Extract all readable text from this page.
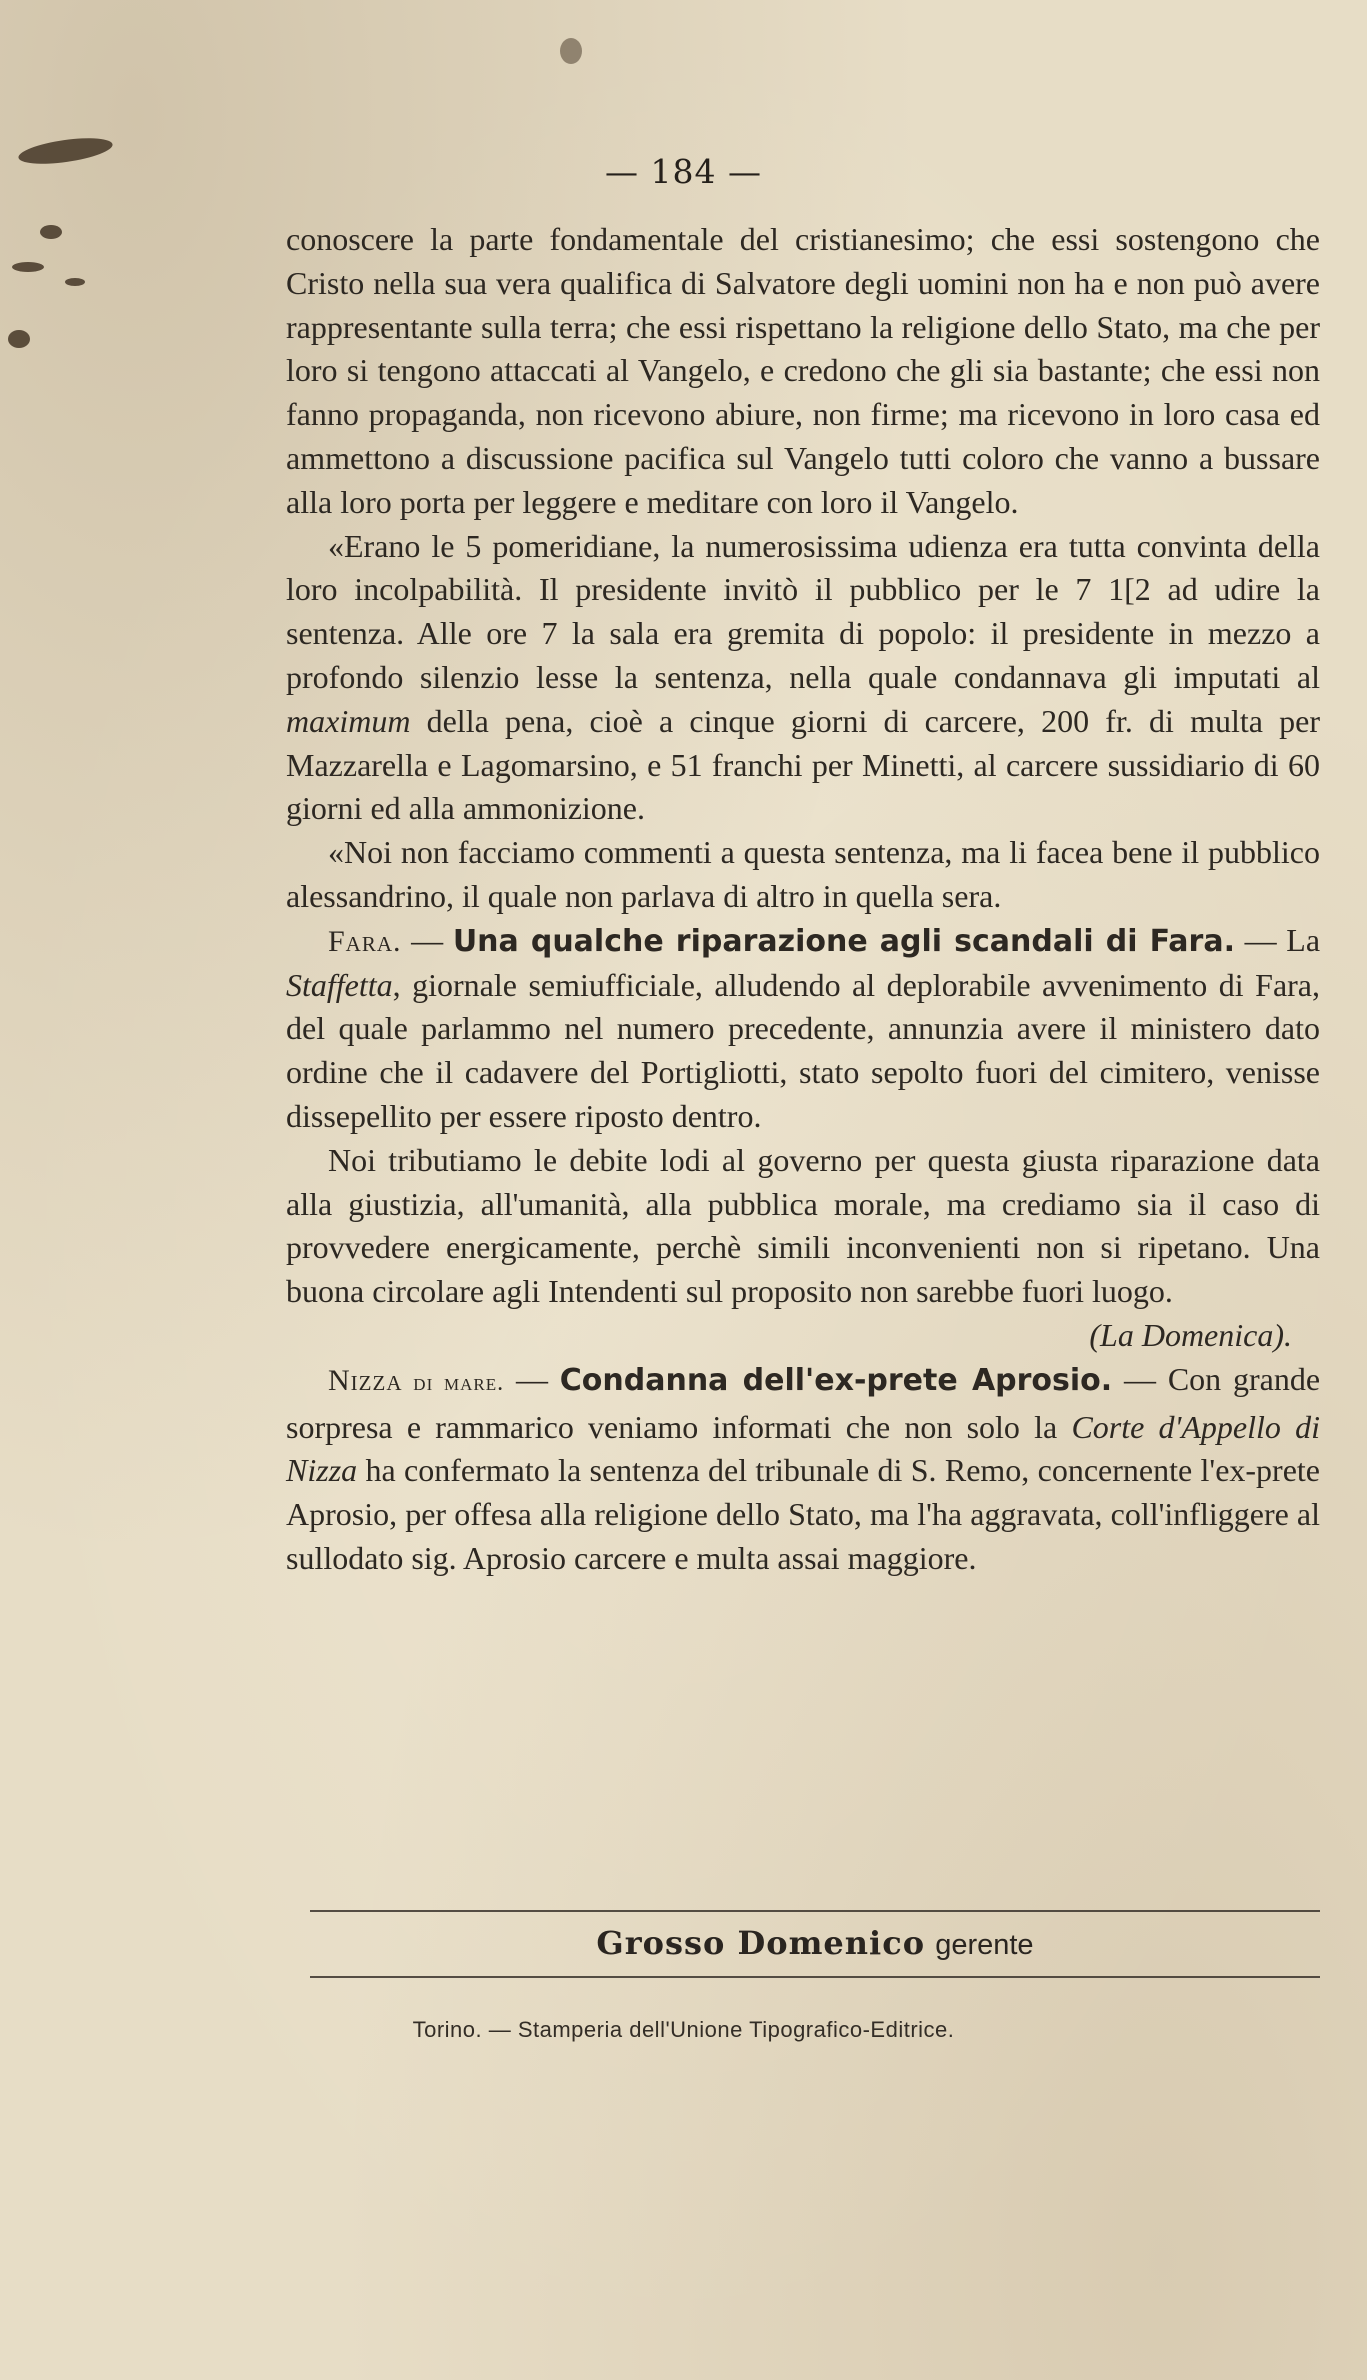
— 184 —

conoscere la parte fondamentale del cristianesimo; che essi sostengono che Cristo nella sua vera qualifica di Salvatore degli uomini non ha e non può avere rappresentante sulla terra; che essi rispettano la religione dello Stato, ma che per loro si tengono attaccati al Vangelo, e credono che gli sia bastante; che essi non fanno propaganda, non ricevono abiure, non firme; ma ricevono in loro casa ed ammettono a discussione pacifica sul Vangelo tutti coloro che vanno a bussare alla loro porta per leggere e meditare con loro il Vangelo.

«Erano le 5 pomeridiane, la numerosissima udienza era tutta convinta della loro incolpabilità. Il presidente invitò il pubblico per le 7 1[2 ad udire la sentenza. Alle ore 7 la sala era gremita di popolo: il presidente in mezzo a profondo silenzio lesse la sentenza, nella quale condannava gli imputati al maximum della pena, cioè a cinque giorni di carcere, 200 fr. di multa per Mazzarella e Lagomarsino, e 51 franchi per Minetti, al carcere sussidiario di 60 giorni ed alla ammonizione.

«Noi non facciamo commenti a questa sentenza, ma li facea bene il pubblico alessandrino, il quale non parlava di altro in quella sera.

Fara. — Una qualche riparazione agli scandali di Fara. — La Staffetta, giornale semiufficiale, alludendo al deplorabile avvenimento di Fara, del quale parlammo nel numero precedente, annunzia avere il ministero dato ordine che il cadavere del Portigliotti, stato sepolto fuori del cimitero, venisse dissepellito per essere riposto dentro.

Noi tributiamo le debite lodi al governo per questa giusta riparazione data alla giustizia, all'umanità, alla pubblica morale, ma crediamo sia il caso di provvedere energicamente, perchè simili inconvenienti non si ripetano. Una buona circolare agli Intendenti sul proposito non sarebbe fuori luogo.

(La Domenica).

Nizza di mare. — Condanna dell'ex-prete Aprosio. — Con grande sorpresa e rammarico veniamo informati che non solo la Corte d'Appello di Nizza ha confermato la sentenza del tribunale di S. Remo, concernente l'ex-prete Aprosio, per offesa alla religione dello Stato, ma l'ha aggravata, coll'infliggere al sullodato sig. Aprosio carcere e multa assai maggiore.

Grosso Domenico gerente
Torino. — Stamperia dell'Unione Tipografico-Editrice.
